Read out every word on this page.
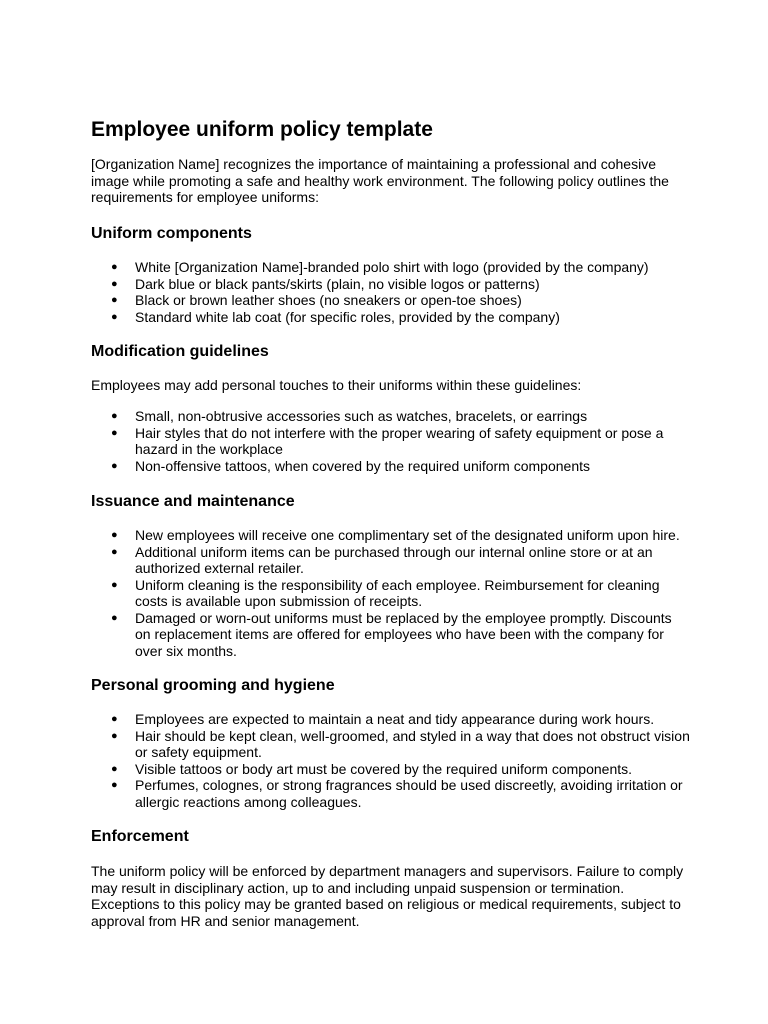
Employee uniform policy template

[Organization Name] recognizes the importance of maintaining a professional and cohesive image while promoting a safe and healthy work environment. The following policy outlines the requirements for employee uniforms:

Uniform components
● White [Organization Name]-branded polo shirt with logo (provided by the company)
● Dark blue or black pants/skirts (plain, no visible logos or patterns)
● Black or brown leather shoes (no sneakers or open-toe shoes)
● Standard white lab coat (for specific roles, provided by the company)
Modification guidelines

Employees may add personal touches to their uniforms within these guidelines:

● Small, non-obtrusive accessories such as watches, bracelets, or earrings
● Hair styles that do not interfere with the proper wearing of safety equipment or pose a hazard in the workplace
● Non-offensive tattoos, when covered by the required uniform components
Issuance and maintenance
● New employees will receive one complimentary set of the designated uniform upon hire.
● Additional uniform items can be purchased through our internal online store or at an authorized external retailer.
● Uniform cleaning is the responsibility of each employee. Reimbursement for cleaning costs is available upon submission of receipts.
● Damaged or worn-out uniforms must be replaced by the employee promptly. Discounts on replacement items are offered for employees who have been with the company for over six months.
Personal grooming and hygiene
● Employees are expected to maintain a neat and tidy appearance during work hours.
● Hair should be kept clean, well-groomed, and styled in a way that does not obstruct vision or safety equipment.
● Visible tattoos or body art must be covered by the required uniform components.
● Perfumes, colognes, or strong fragrances should be used discreetly, avoiding irritation or allergic reactions among colleagues.
Enforcement

The uniform policy will be enforced by department managers and supervisors. Failure to comply may result in disciplinary action, up to and including unpaid suspension or termination. Exceptions to this policy may be granted based on religious or medical requirements, subject to approval from HR and senior management.
